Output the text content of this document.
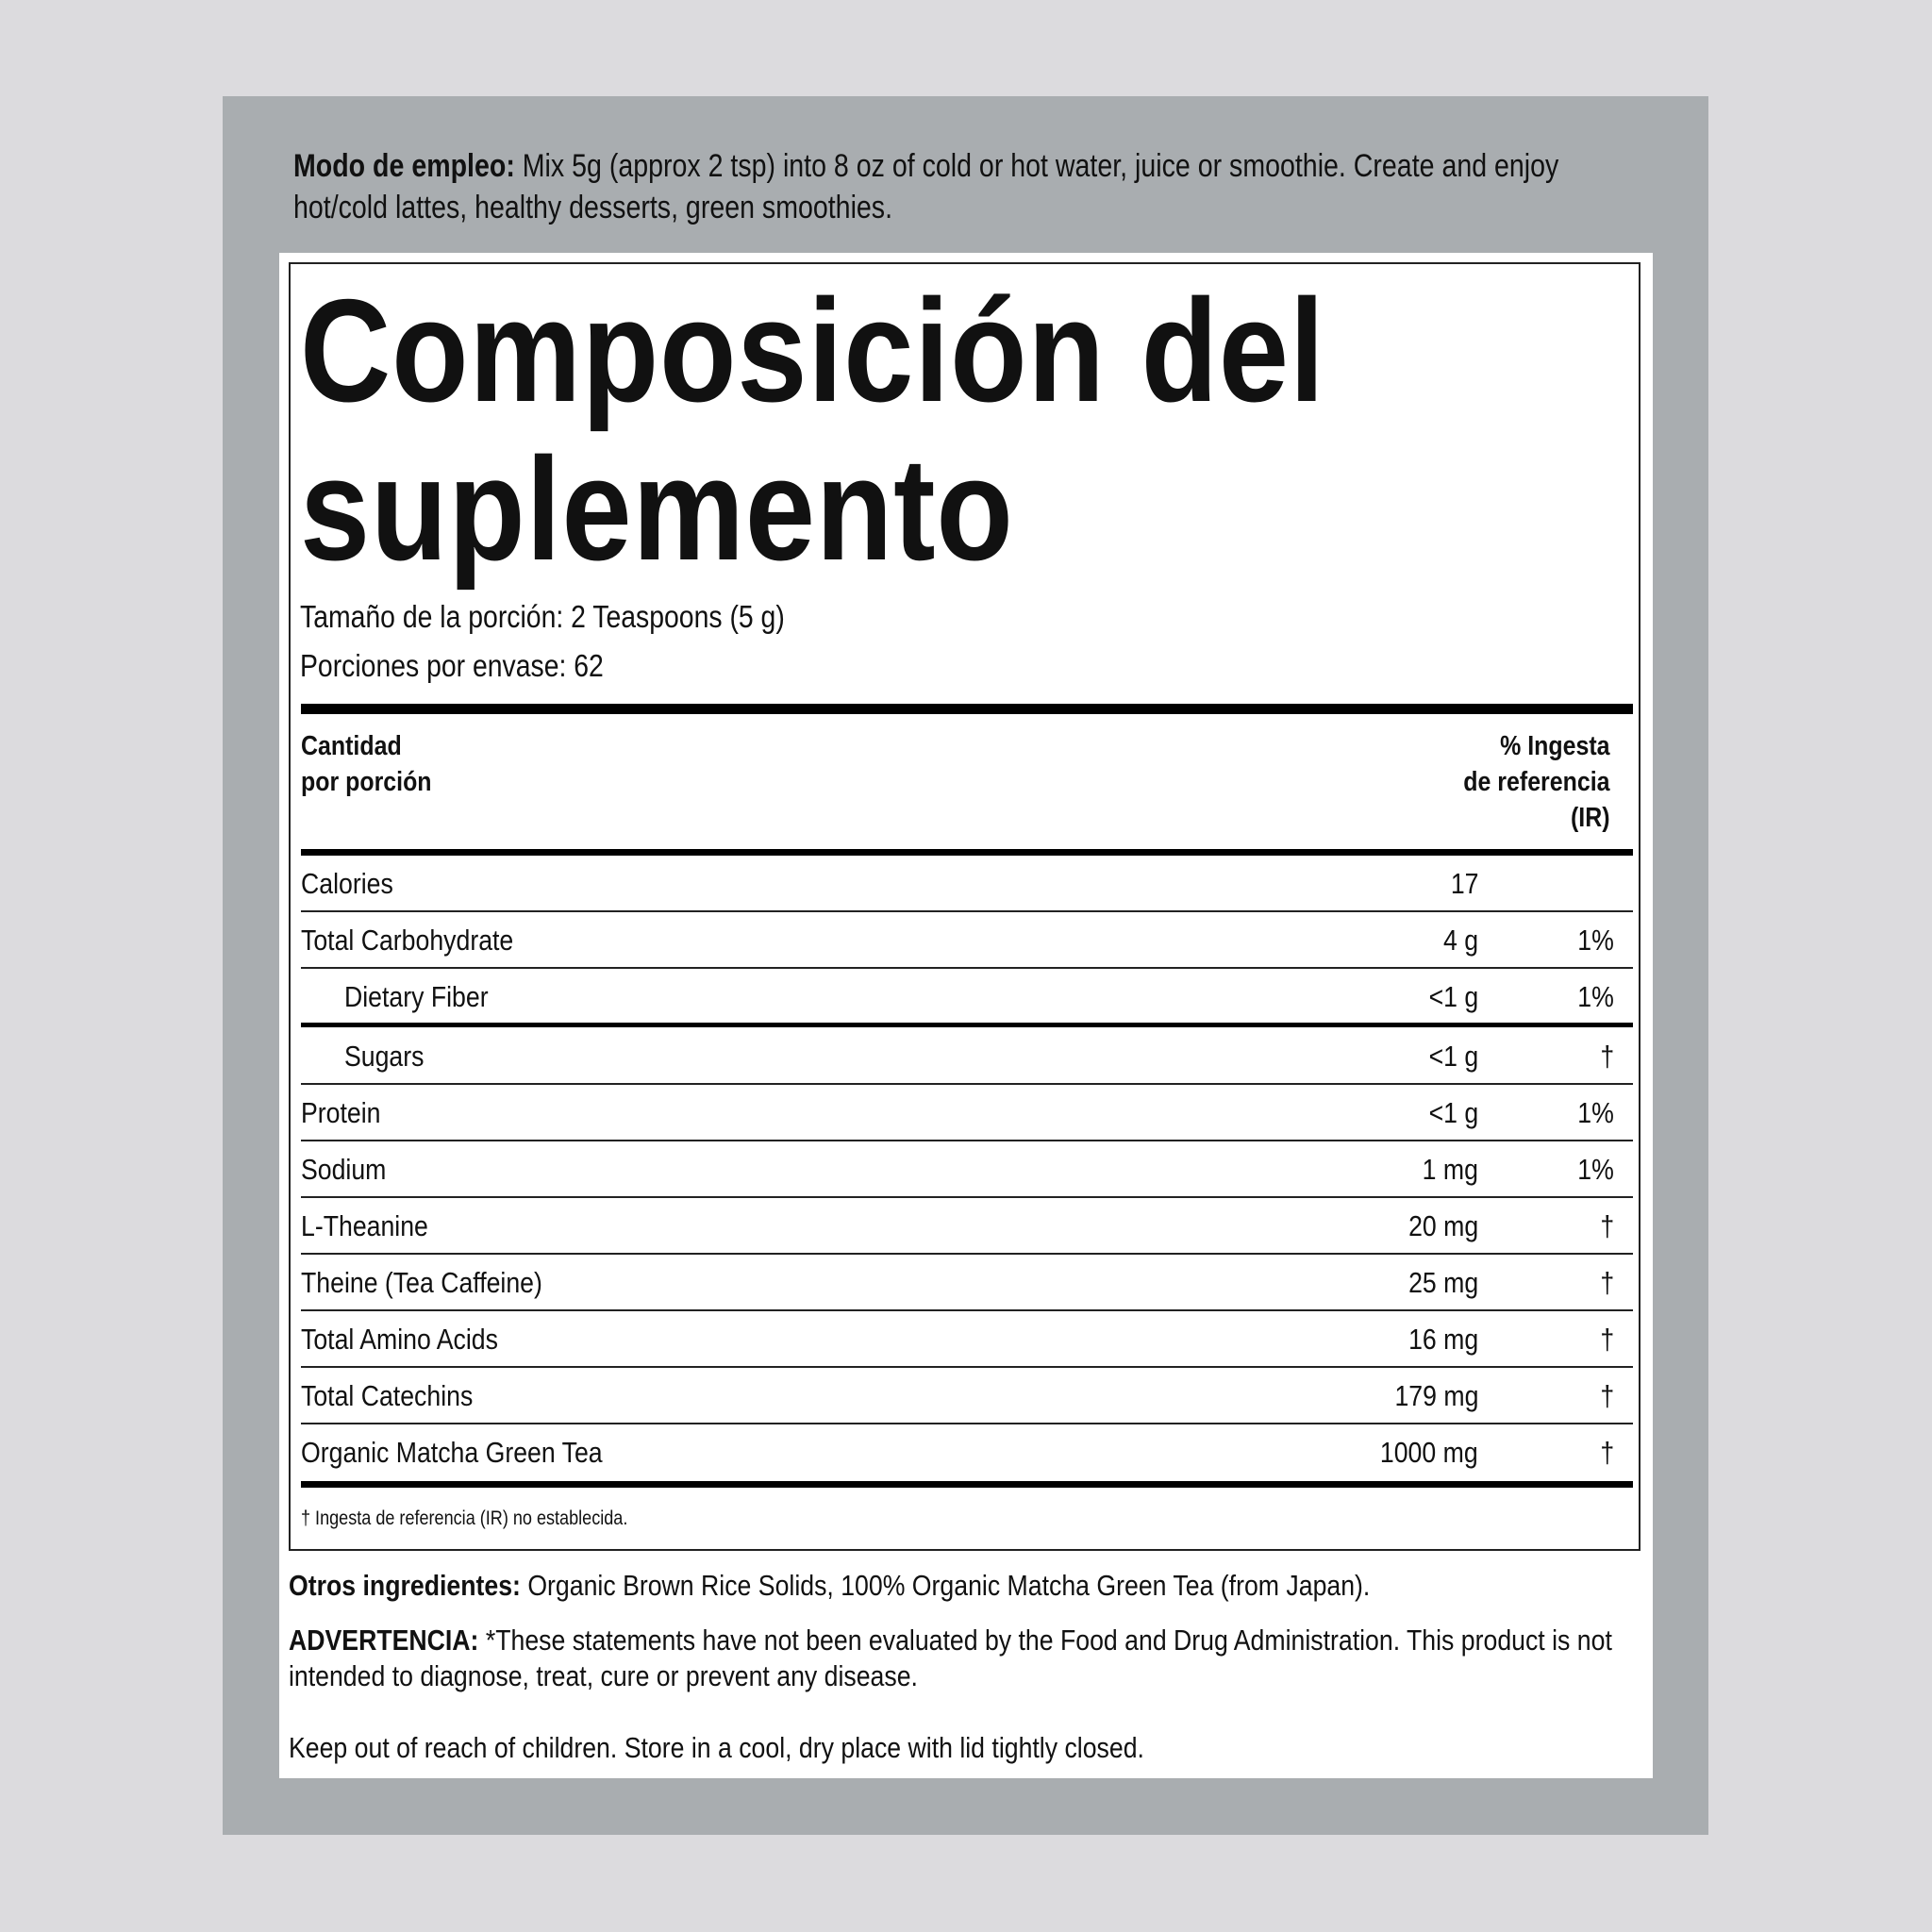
Modo de empleo: Mix 5g (approx 2 tsp) into 8 oz of cold or hot water, juice or smoothie. Create and enjoy hot/cold lattes, healthy desserts, green smoothies.
Composición del
suplemento
Tamaño de la porción: 2 Teaspoons (5 g)
Porciones por envase: 62
Cantidad
por porción
% Ingesta
de referencia
(IR)
Calories	17
Total Carbohydrate	4 g	1%
Dietary Fiber	<1 g	1%
Sugars	<1 g	†
Protein	<1 g	1%
Sodium	1 mg	1%
L-Theanine	20 mg	†
Theine (Tea Caffeine)	25 mg	†
Total Amino Acids	16 mg	†
Total Catechins	179 mg	†
Organic Matcha Green Tea	1000 mg	†
† Ingesta de referencia (IR) no establecida.
Otros ingredientes: Organic Brown Rice Solids, 100% Organic Matcha Green Tea (from Japan).
ADVERTENCIA: *These statements have not been evaluated by the Food and Drug Administration. This product is not intended to diagnose, treat, cure or prevent any disease.
Keep out of reach of children. Store in a cool, dry place with lid tightly closed.
